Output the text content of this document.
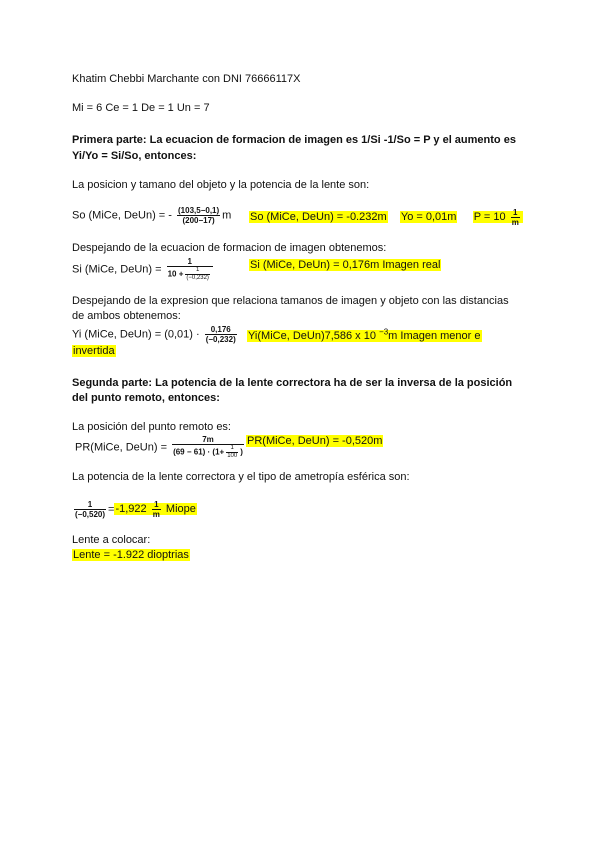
Khatim Chebbi Marchante con DNI 76666117X
Mi = 6 Ce = 1 De = 1 Un = 7
Primera parte: La ecuacion de formacion de imagen es 1/Si -1/So = P y el aumento es
Yi/Yo = Si/So, entonces:
La posicion y tamano del objeto y la potencia de la lente son:
So (MiCe, DeUn) = - $\frac{(103,5-0,1)}{(200-17)}$ m So (MiCe, DeUn) = -0.232m Yo = 0,01m $P = 10 \frac{1}{m}$
Despejando de la ecuacion de formacion de imagen obtenemos:
Si (MiCe, DeUn) = $\frac{1}{10 + \frac{1}{(-0,232)}}$	Si (MiCe, DeUn) = 0,176m Imagen real
Despejando de la expresion que relaciona tamanos de imagen y objeto con las distancias
de ambos obtenemos:
Yi (MiCe, DeUn) = $(0,01) \cdot \frac{0,176}{(-0,232)}$ Yi(MiCe, DeUn)7,586 x 10 $^{-3}$m Imagen menor e
invertida
Segunda parte: La potencia de la lente correctora ha de ser la inversa de la posición
del punto remoto, entonces:
La posición del punto remoto es:
PR(MiCe, DeUn) = $\frac{7m}{(69 - 61) \cdot (1+ \frac{1}{100} )}$ PR(MiCe, DeUn) = -0,520m
La potencia de la lente correctora y el tipo de ametropía esférica son:
$\frac{1}{(-0,520)} =-1,922 \frac{1}{m}$ Miope
Lente a colocar:
Lente = -1.922 dioptrias
